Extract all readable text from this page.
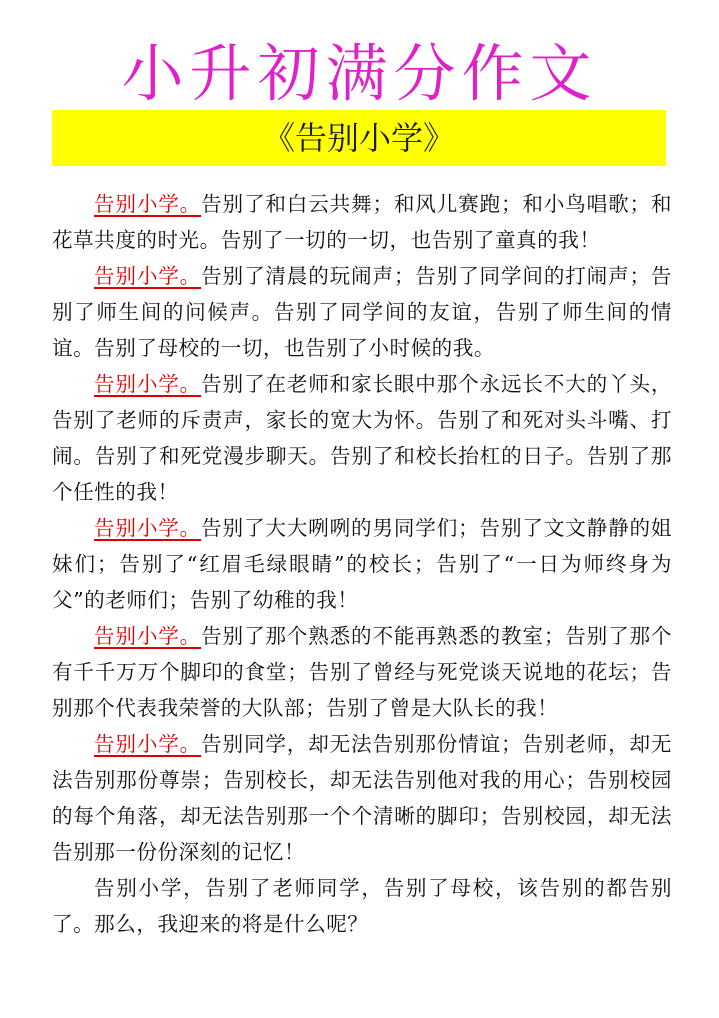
小升初满分作文
《告别小学》

告别小学。告别了和白云共舞；和风儿赛跑；和小鸟唱歌；和花草共度的时光。告别了一切的一切，也告别了童真的我！

告别小学。告别了清晨的玩闹声；告别了同学间的打闹声；告别了师生间的问候声。告别了同学间的友谊，告别了师生间的情谊。告别了母校的一切，也告别了小时候的我。

告别小学。告别了在老师和家长眼中那个永远长不大的丫头，告别了老师的斥责声，家长的宽大为怀。告别了和死对头斗嘴、打闹。告别了和死党漫步聊天。告别了和校长抬杠的日子。告别了那个任性的我！

告别小学。告别了大大咧咧的男同学们；告别了文文静静的姐妹们；告别了“红眉毛绿眼睛”的校长；告别了“一日为师终身为父”的老师们；告别了幼稚的我！

告别小学。告别了那个熟悉的不能再熟悉的教室；告别了那个有千千万万个脚印的食堂；告别了曾经与死党谈天说地的花坛；告别那个代表我荣誉的大队部；告别了曾是大队长的我！

告别小学。告别同学，却无法告别那份情谊；告别老师，却无法告别那份尊崇；告别校长，却无法告别他对我的用心；告别校园的每个角落，却无法告别那一个个清晰的脚印；告别校园，却无法告别那一份份深刻的记忆！

告别小学，告别了老师同学，告别了母校，该告别的都告别了。那么，我迎来的将是什么呢？
